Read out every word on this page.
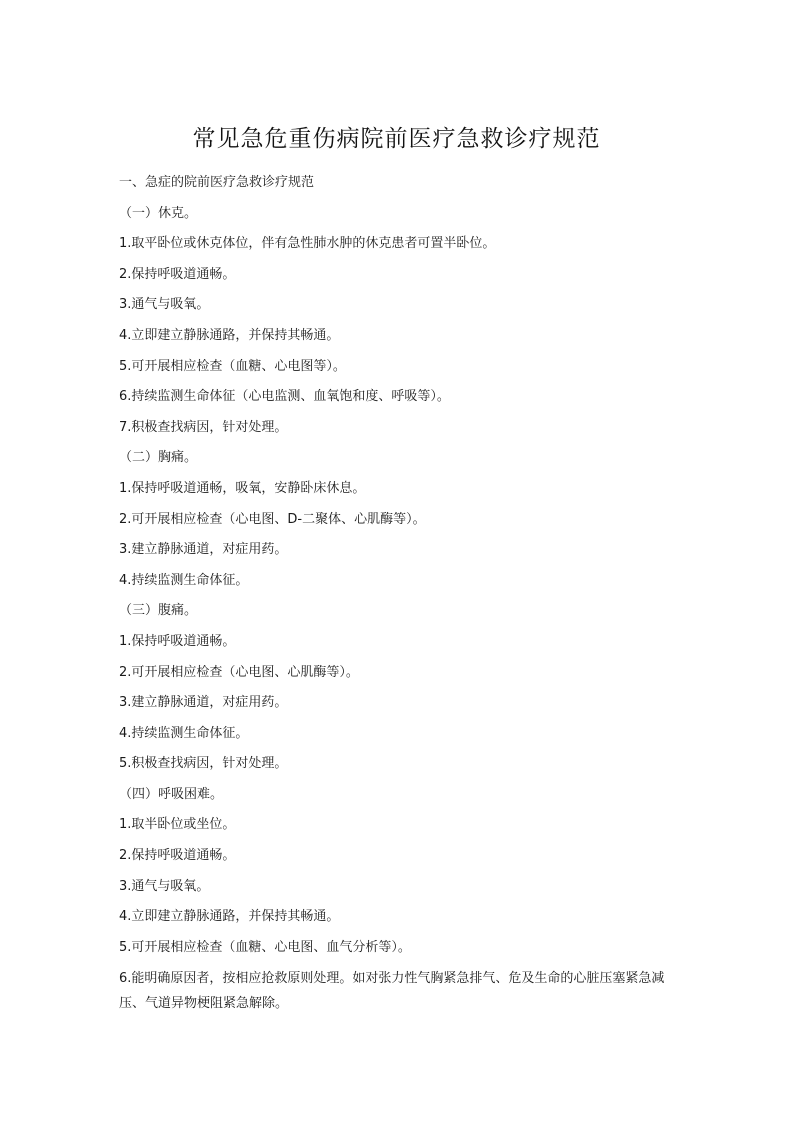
常见急危重伤病院前医疗急救诊疗规范

一、急症的院前医疗急救诊疗规范

（一）休克。

1.取平卧位或休克体位，伴有急性肺水肿的休克患者可置半卧位。

2.保持呼吸道通畅。

3.通气与吸氧。

4.立即建立静脉通路，并保持其畅通。

5.可开展相应检查（血糖、心电图等）。

6.持续监测生命体征（心电监测、血氧饱和度、呼吸等）。

7.积极查找病因，针对处理。

（二）胸痛。

1.保持呼吸道通畅，吸氧，安静卧床休息。

2.可开展相应检查（心电图、D-二聚体、心肌酶等）。

3.建立静脉通道，对症用药。

4.持续监测生命体征。

（三）腹痛。

1.保持呼吸道通畅。

2.可开展相应检查（心电图、心肌酶等）。

3.建立静脉通道，对症用药。

4.持续监测生命体征。

5.积极查找病因，针对处理。

（四）呼吸困难。

1.取半卧位或坐位。

2.保持呼吸道通畅。

3.通气与吸氧。

4.立即建立静脉通路，并保持其畅通。

5.可开展相应检查（血糖、心电图、血气分析等）。

6.能明确原因者，按相应抢救原则处理。如对张力性气胸紧急排气、危及生命的心脏压塞紧急减压、气道异物梗阻紧急解除。
